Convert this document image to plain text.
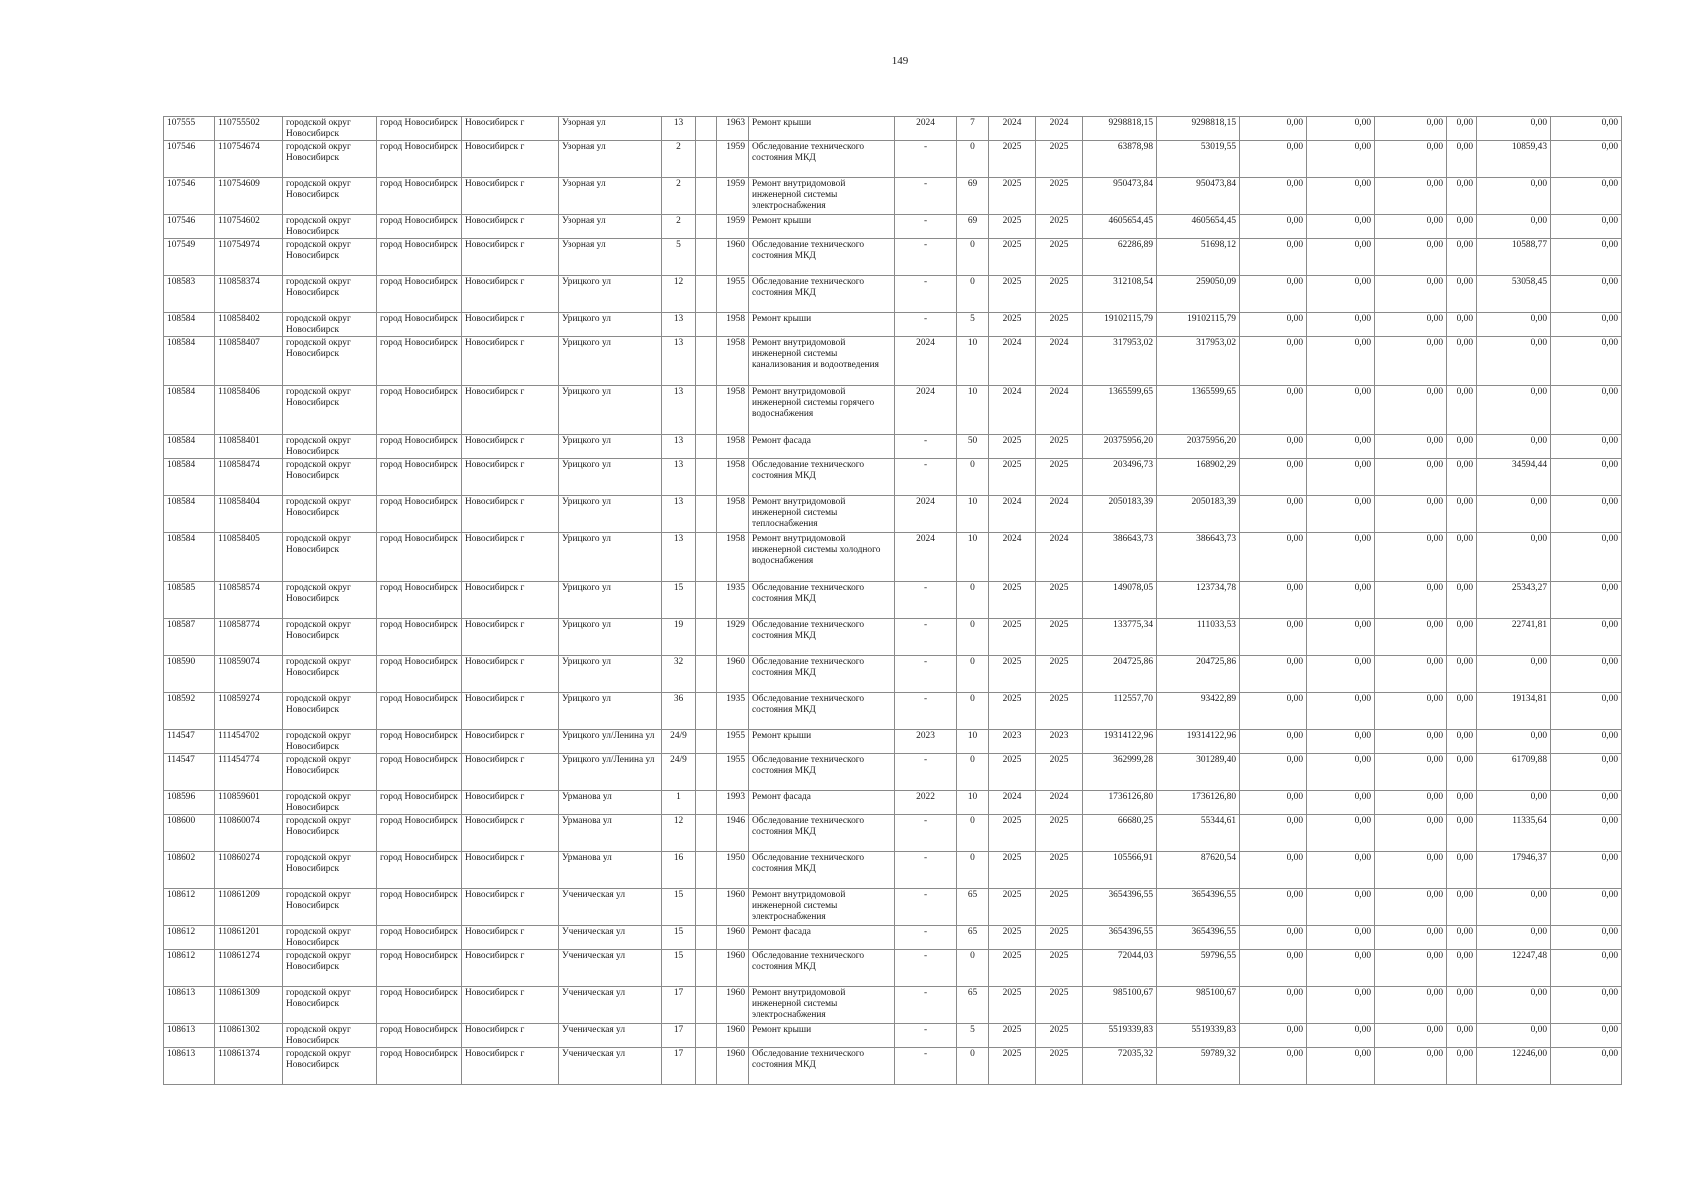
149
107555	110755502	городской округ Новосибирск	город Новосибирск	Новосибирск г	Узорная ул	13		1963	Ремонт крыши	2024	7	2024	2024	9298818,15	9298818,15	0,00	0,00	0,00	0,00	0,00	0,00
107546	110754674	городской округ Новосибирск	город Новосибирск	Новосибирск г	Узорная ул	2		1959	Обследование технического состояния МКД	-	0	2025	2025	63878,98	53019,55	0,00	0,00	0,00	0,00	10859,43	0,00
107546	110754609	городской округ Новосибирск	город Новосибирск	Новосибирск г	Узорная ул	2		1959	Ремонт внутридомовой инженерной системы электроснабжения	-	69	2025	2025	950473,84	950473,84	0,00	0,00	0,00	0,00	0,00	0,00
107546	110754602	городской округ Новосибирск	город Новосибирск	Новосибирск г	Узорная ул	2		1959	Ремонт крыши	-	69	2025	2025	4605654,45	4605654,45	0,00	0,00	0,00	0,00	0,00	0,00
107549	110754974	городской округ Новосибирск	город Новосибирск	Новосибирск г	Узорная ул	5		1960	Обследование технического состояния МКД	-	0	2025	2025	62286,89	51698,12	0,00	0,00	0,00	0,00	10588,77	0,00
108583	110858374	городской округ Новосибирск	город Новосибирск	Новосибирск г	Урицкого ул	12		1955	Обследование технического состояния МКД	-	0	2025	2025	312108,54	259050,09	0,00	0,00	0,00	0,00	53058,45	0,00
108584	110858402	городской округ Новосибирск	город Новосибирск	Новосибирск г	Урицкого ул	13		1958	Ремонт крыши	-	5	2025	2025	19102115,79	19102115,79	0,00	0,00	0,00	0,00	0,00	0,00
108584	110858407	городской округ Новосибирск	город Новосибирск	Новосибирск г	Урицкого ул	13		1958	Ремонт внутридомовой инженерной системы канализования и водоотведения	2024	10	2024	2024	317953,02	317953,02	0,00	0,00	0,00	0,00	0,00	0,00
108584	110858406	городской округ Новосибирск	город Новосибирск	Новосибирск г	Урицкого ул	13		1958	Ремонт внутридомовой инженерной системы горячего водоснабжения	2024	10	2024	2024	1365599,65	1365599,65	0,00	0,00	0,00	0,00	0,00	0,00
108584	110858401	городской округ Новосибирск	город Новосибирск	Новосибирск г	Урицкого ул	13		1958	Ремонт фасада	-	50	2025	2025	20375956,20	20375956,20	0,00	0,00	0,00	0,00	0,00	0,00
108584	110858474	городской округ Новосибирск	город Новосибирск	Новосибирск г	Урицкого ул	13		1958	Обследование технического состояния МКД	-	0	2025	2025	203496,73	168902,29	0,00	0,00	0,00	0,00	34594,44	0,00
108584	110858404	городской округ Новосибирск	город Новосибирск	Новосибирск г	Урицкого ул	13		1958	Ремонт внутридомовой инженерной системы теплоснабжения	2024	10	2024	2024	2050183,39	2050183,39	0,00	0,00	0,00	0,00	0,00	0,00
108584	110858405	городской округ Новосибирск	город Новосибирск	Новосибирск г	Урицкого ул	13		1958	Ремонт внутридомовой инженерной системы холодного водоснабжения	2024	10	2024	2024	386643,73	386643,73	0,00	0,00	0,00	0,00	0,00	0,00
108585	110858574	городской округ Новосибирск	город Новосибирск	Новосибирск г	Урицкого ул	15		1935	Обследование технического состояния МКД	-	0	2025	2025	149078,05	123734,78	0,00	0,00	0,00	0,00	25343,27	0,00
108587	110858774	городской округ Новосибирск	город Новосибирск	Новосибирск г	Урицкого ул	19		1929	Обследование технического состояния МКД	-	0	2025	2025	133775,34	111033,53	0,00	0,00	0,00	0,00	22741,81	0,00
108590	110859074	городской округ Новосибирск	город Новосибирск	Новосибирск г	Урицкого ул	32		1960	Обследование технического состояния МКД	-	0	2025	2025	204725,86	204725,86	0,00	0,00	0,00	0,00	0,00	0,00
108592	110859274	городской округ Новосибирск	город Новосибирск	Новосибирск г	Урицкого ул	36		1935	Обследование технического состояния МКД	-	0	2025	2025	112557,70	93422,89	0,00	0,00	0,00	0,00	19134,81	0,00
114547	111454702	городской округ Новосибирск	город Новосибирск	Новосибирск г	Урицкого ул/Ленина ул	24/9		1955	Ремонт крыши	2023	10	2023	2023	19314122,96	19314122,96	0,00	0,00	0,00	0,00	0,00	0,00
114547	111454774	городской округ Новосибирск	город Новосибирск	Новосибирск г	Урицкого ул/Ленина ул	24/9		1955	Обследование технического состояния МКД	-	0	2025	2025	362999,28	301289,40	0,00	0,00	0,00	0,00	61709,88	0,00
108596	110859601	городской округ Новосибирск	город Новосибирск	Новосибирск г	Урманова ул	1		1993	Ремонт фасада	2022	10	2024	2024	1736126,80	1736126,80	0,00	0,00	0,00	0,00	0,00	0,00
108600	110860074	городской округ Новосибирск	город Новосибирск	Новосибирск г	Урманова ул	12		1946	Обследование технического состояния МКД	-	0	2025	2025	66680,25	55344,61	0,00	0,00	0,00	0,00	11335,64	0,00
108602	110860274	городской округ Новосибирск	город Новосибирск	Новосибирск г	Урманова ул	16		1950	Обследование технического состояния МКД	-	0	2025	2025	105566,91	87620,54	0,00	0,00	0,00	0,00	17946,37	0,00
108612	110861209	городской округ Новосибирск	город Новосибирск	Новосибирск г	Ученическая ул	15		1960	Ремонт внутридомовой инженерной системы электроснабжения	-	65	2025	2025	3654396,55	3654396,55	0,00	0,00	0,00	0,00	0,00	0,00
108612	110861201	городской округ Новосибирск	город Новосибирск	Новосибирск г	Ученическая ул	15		1960	Ремонт фасада	-	65	2025	2025	3654396,55	3654396,55	0,00	0,00	0,00	0,00	0,00	0,00
108612	110861274	городской округ Новосибирск	город Новосибирск	Новосибирск г	Ученическая ул	15		1960	Обследование технического состояния МКД	-	0	2025	2025	72044,03	59796,55	0,00	0,00	0,00	0,00	12247,48	0,00
108613	110861309	городской округ Новосибирск	город Новосибирск	Новосибирск г	Ученическая ул	17		1960	Ремонт внутридомовой инженерной системы электроснабжения	-	65	2025	2025	985100,67	985100,67	0,00	0,00	0,00	0,00	0,00	0,00
108613	110861302	городской округ Новосибирск	город Новосибирск	Новосибирск г	Ученическая ул	17		1960	Ремонт крыши	-	5	2025	2025	5519339,83	5519339,83	0,00	0,00	0,00	0,00	0,00	0,00
108613	110861374	городской округ Новосибирск	город Новосибирск	Новосибирск г	Ученическая ул	17		1960	Обследование технического состояния МКД	-	0	2025	2025	72035,32	59789,32	0,00	0,00	0,00	0,00	12246,00	0,00
